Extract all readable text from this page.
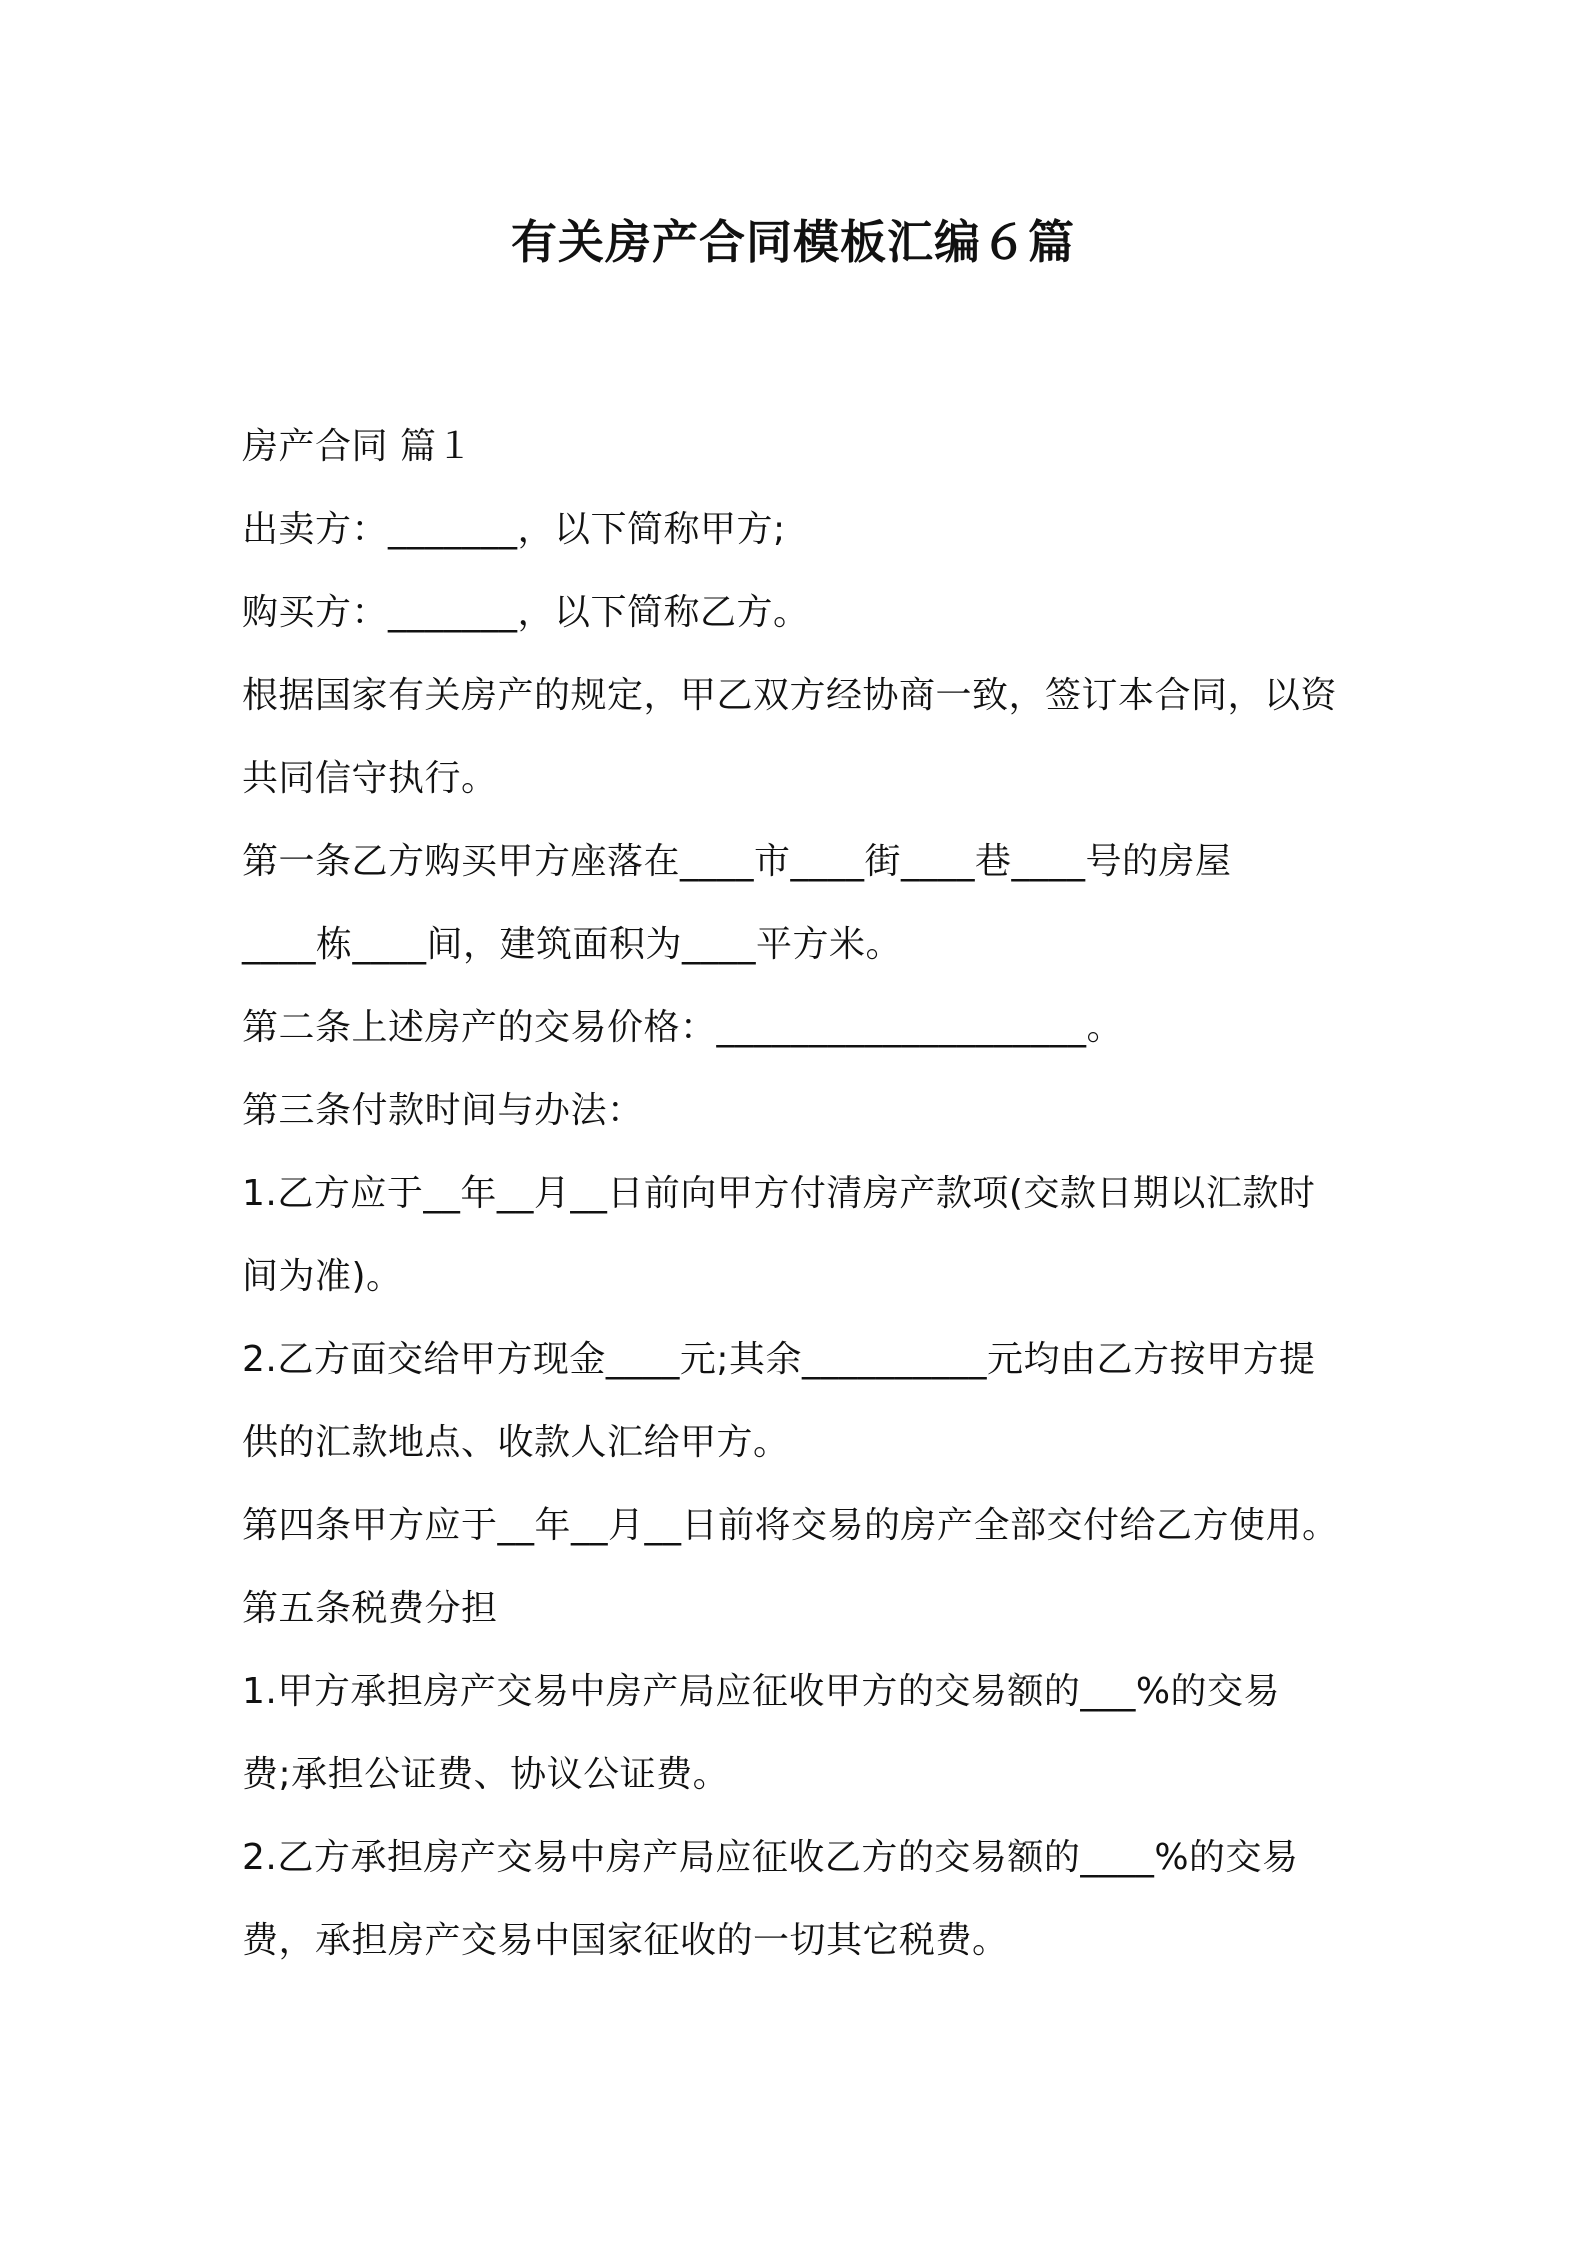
有关房产合同模板汇编６篇

房产合同 篇１

出卖方：_______，以下简称甲方;

购买方：_______，以下简称乙方。

根据国家有关房产的规定，甲乙双方经协商一致，签订本合同，以资

共同信守执行。

第一条乙方购买甲方座落在____市____街____巷____号的房屋

____栋____间，建筑面积为____平方米。

第二条上述房产的交易价格：____________________。

第三条付款时间与办法：

1.乙方应于__年__月__日前向甲方付清房产款项(交款日期以汇款时

间为准)。

2.乙方面交给甲方现金____元;其余__________元均由乙方按甲方提

供的汇款地点、收款人汇给甲方。

第四条甲方应于__年__月__日前将交易的房产全部交付给乙方使用。

第五条税费分担

1.甲方承担房产交易中房产局应征收甲方的交易额的___%的交易

费;承担公证费、协议公证费。

2.乙方承担房产交易中房产局应征收乙方的交易额的____%的交易

费，承担房产交易中国家征收的一切其它税费。
